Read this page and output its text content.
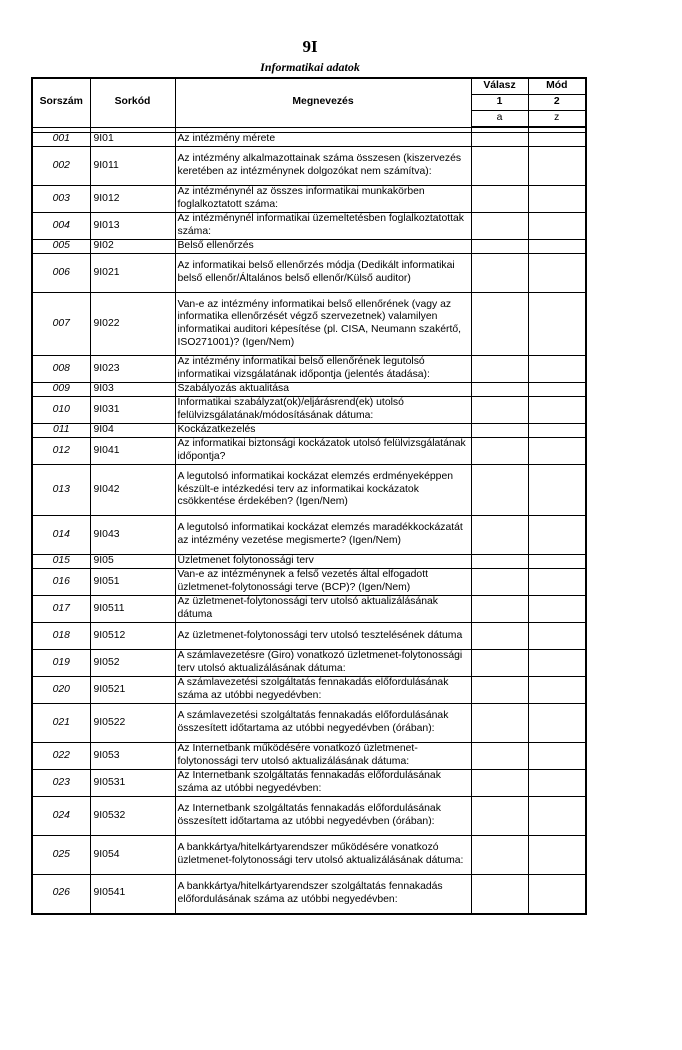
9I
Informatikai adatok
Sorszám	Sorkód	Megnevezés	Válasz	Mód
			1	2
			a	z

001	9I01	Az intézmény mérete		
002	9I011	Az intézmény alkalmazottainak száma összesen (kiszervezés keretében az intézménynek dolgozókat nem számítva):		
003	9I012	Az intézménynél az összes informatikai munkakörben foglalkoztatott száma:		
004	9I013	Az intézménynél informatikai üzemeltetésben foglalkoztatottak száma:		
005	9I02	Belső ellenőrzés		
006	9I021	Az informatikai belső ellenőrzés módja (Dedikált informatikai belső ellenőr/Általános belső ellenőr/Külső auditor)		
007	9I022	Van-e az intézmény informatikai belső ellenőrének (vagy az informatika ellenőrzését végző szervezetnek) valamilyen informatikai auditori képesítése (pl. CISA, Neumann szakértő, ISO271001)? (Igen/Nem)		
008	9I023	Az intézmény informatikai belső ellenőrének legutolsó informatikai vizsgálatának időpontja (jelentés átadása):		
009	9I03	Szabályozás aktualitása		
010	9I031	Informatikai szabályzat(ok)/eljárásrend(ek) utolsó felülvizsgálatának/módosításának dátuma:		
011	9I04	Kockázatkezelés		
012	9I041	Az informatikai biztonsági kockázatok utolsó felülvizsgálatának időpontja?		
013	9I042	A legutolsó informatikai kockázat elemzés erdményeképpen készült-e intézkedési terv az informatikai kockázatok csökkentése érdekében? (Igen/Nem)		
014	9I043	A legutolsó informatikai kockázat elemzés maradékkockázatát az intézmény vezetése megismerte? (Igen/Nem)		
015	9I05	Üzletmenet folytonossági terv		
016	9I051	Van-e az intézménynek a felső vezetés által elfogadott üzletmenet-folytonossági terve (BCP)? (Igen/Nem)		
017	9I0511	Az üzletmenet-folytonossági terv utolsó aktualizálásának dátuma		
018	9I0512	Az üzletmenet-folytonossági terv utolsó tesztelésének dátuma		
019	9I052	A számlavezetésre (Giro) vonatkozó üzletmenet-folytonossági terv utolsó aktualizálásának dátuma:		
020	9I0521	A számlavezetési szolgáltatás fennakadás előfordulásának száma az utóbbi negyedévben:		
021	9I0522	A számlavezetési szolgáltatás fennakadás előfordulásának összesített időtartama az utóbbi negyedévben (órában):		
022	9I053	Az Internetbank működésére vonatkozó üzletmenet-folytonossági terv utolsó aktualizálásának dátuma:		
023	9I0531	Az Internetbank szolgáltatás fennakadás előfordulásának száma az utóbbi negyedévben:		
024	9I0532	Az Internetbank szolgáltatás fennakadás előfordulásának összesített időtartama az utóbbi negyedévben (órában):		
025	9I054	A bankkártya/hitelkártyarendszer működésére vonatkozó üzletmenet-folytonossági terv utolsó aktualizálásának dátuma:		
026	9I0541	A bankkártya/hitelkártyarendszer szolgáltatás fennakadás előfordulásának száma az utóbbi negyedévben:		
